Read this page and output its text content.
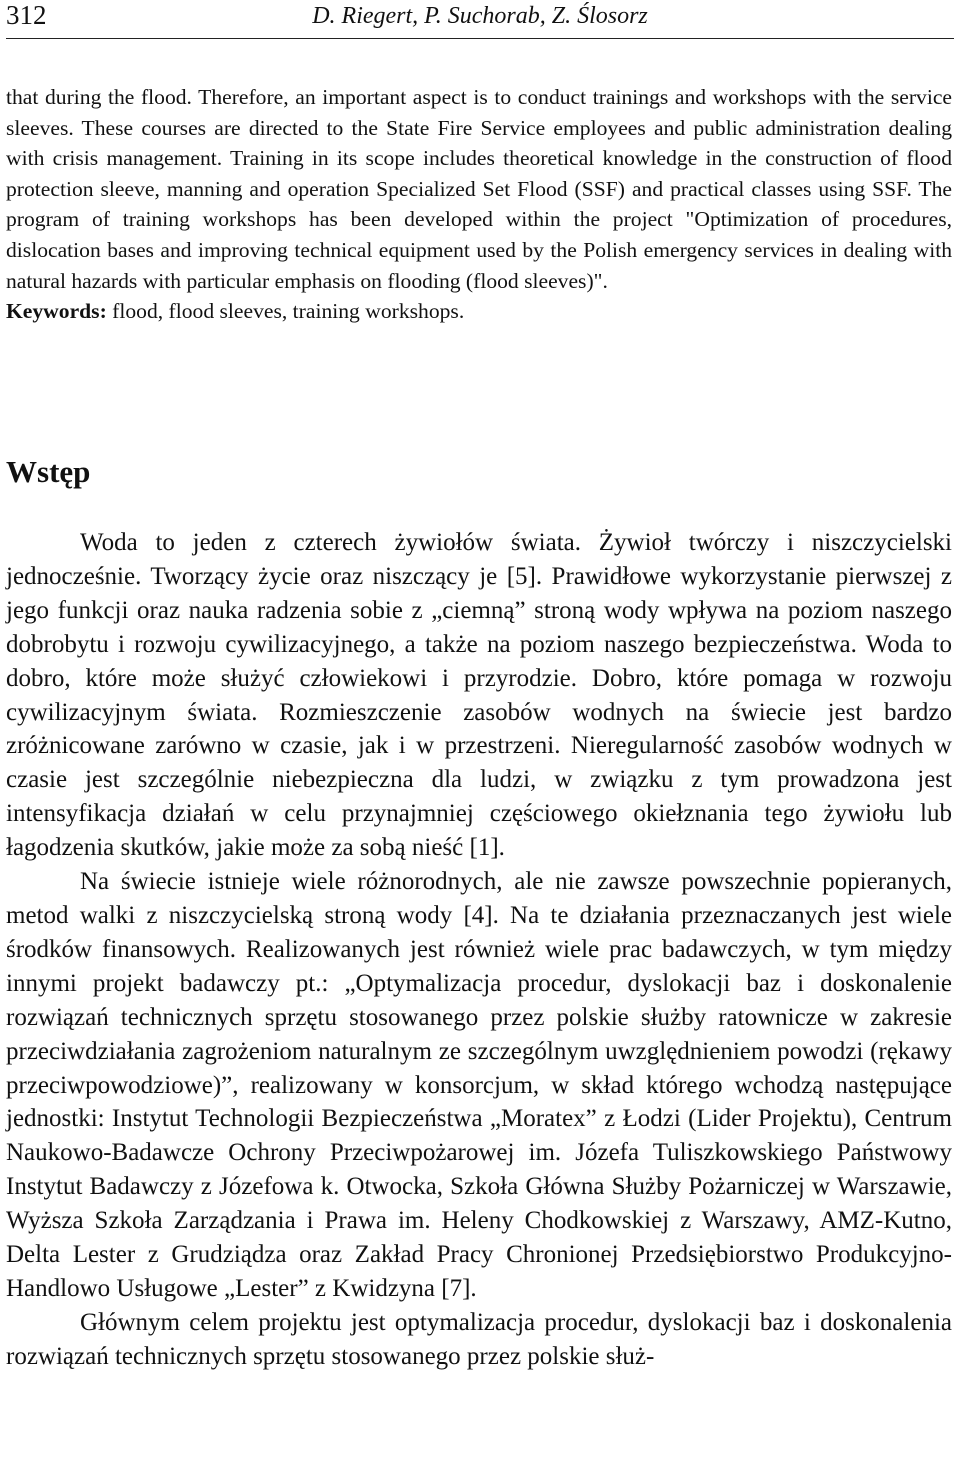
312	D. Riegert, P. Suchorab, Z. Ślosorz

that during the flood. Therefore, an important aspect is to conduct trainings and workshops with the service sleeves. These courses are directed to the State Fire Service employees and public administration dealing with crisis management. Training in its scope includes theoretical knowledge in the construction of flood protection sleeve, manning and operation Specialized Set Flood (SSF) and practical classes using SSF. The program of training workshops has been developed within the project "Optimization of procedures, dislocation bases and improving technical equipment used by the Polish emergency services in dealing with natural hazards with particular emphasis on flooding (flood sleeves)".

Keywords: flood, flood sleeves, training workshops.

Wstęp

Woda to jeden z czterech żywiołów świata. Żywioł twórczy i niszczycielski jednocześnie. Tworzący życie oraz niszczący je [5]. Prawidłowe wykorzystanie pierwszej z jego funkcji oraz nauka radzenia sobie z „ciemną” stroną wody wpływa na poziom naszego dobrobytu i rozwoju cywilizacyjnego, a także na poziom naszego bezpieczeństwa. Woda to dobro, które może służyć człowiekowi i przyrodzie. Dobro, które pomaga w rozwoju cywilizacyjnym świata. Rozmieszczenie zasobów wodnych na świecie jest bardzo zróżnicowane zarówno w czasie, jak i w przestrzeni. Nieregularność zasobów wodnych w czasie jest szczególnie niebezpieczna dla ludzi, w związku z tym prowadzona jest intensyfikacja działań w celu przynajmniej częściowego okiełznania tego żywiołu lub łagodzenia skutków, jakie może za sobą nieść [1].

Na świecie istnieje wiele różnorodnych, ale nie zawsze powszechnie popieranych, metod walki z niszczycielską stroną wody [4]. Na te działania przeznaczanych jest wiele środków finansowych. Realizowanych jest również wiele prac badawczych, w tym między innymi projekt badawczy pt.: „Optymalizacja procedur, dyslokacji baz i doskonalenie rozwiązań technicznych sprzętu stosowanego przez polskie służby ratownicze w zakresie przeciwdziałania zagrożeniom naturalnym ze szczególnym uwzględnieniem powodzi (rękawy przeciwpowodziowe)”, realizowany w konsorcjum, w skład którego wchodzą następujące jednostki: Instytut Technologii Bezpieczeństwa „Moratex” z Łodzi (Lider Projektu), Centrum Naukowo-Badawcze Ochrony Przeciwpożarowej im. Józefa Tuliszkowskiego Państwowy Instytut Badawczy z Józefowa k. Otwocka, Szkoła Główna Służby Pożarniczej w Warszawie, Wyższa Szkoła Zarządzania i Prawa im. Heleny Chodkowskiej z Warszawy, AMZ-Kutno, Delta Lester z Grudziądza oraz Zakład Pracy Chronionej Przedsiębiorstwo Produkcyjno-Handlowo Usługowe „Lester” z Kwidzyna [7].

Głównym celem projektu jest optymalizacja procedur, dyslokacji baz i doskonalenia rozwiązań technicznych sprzętu stosowanego przez polskie służ-
